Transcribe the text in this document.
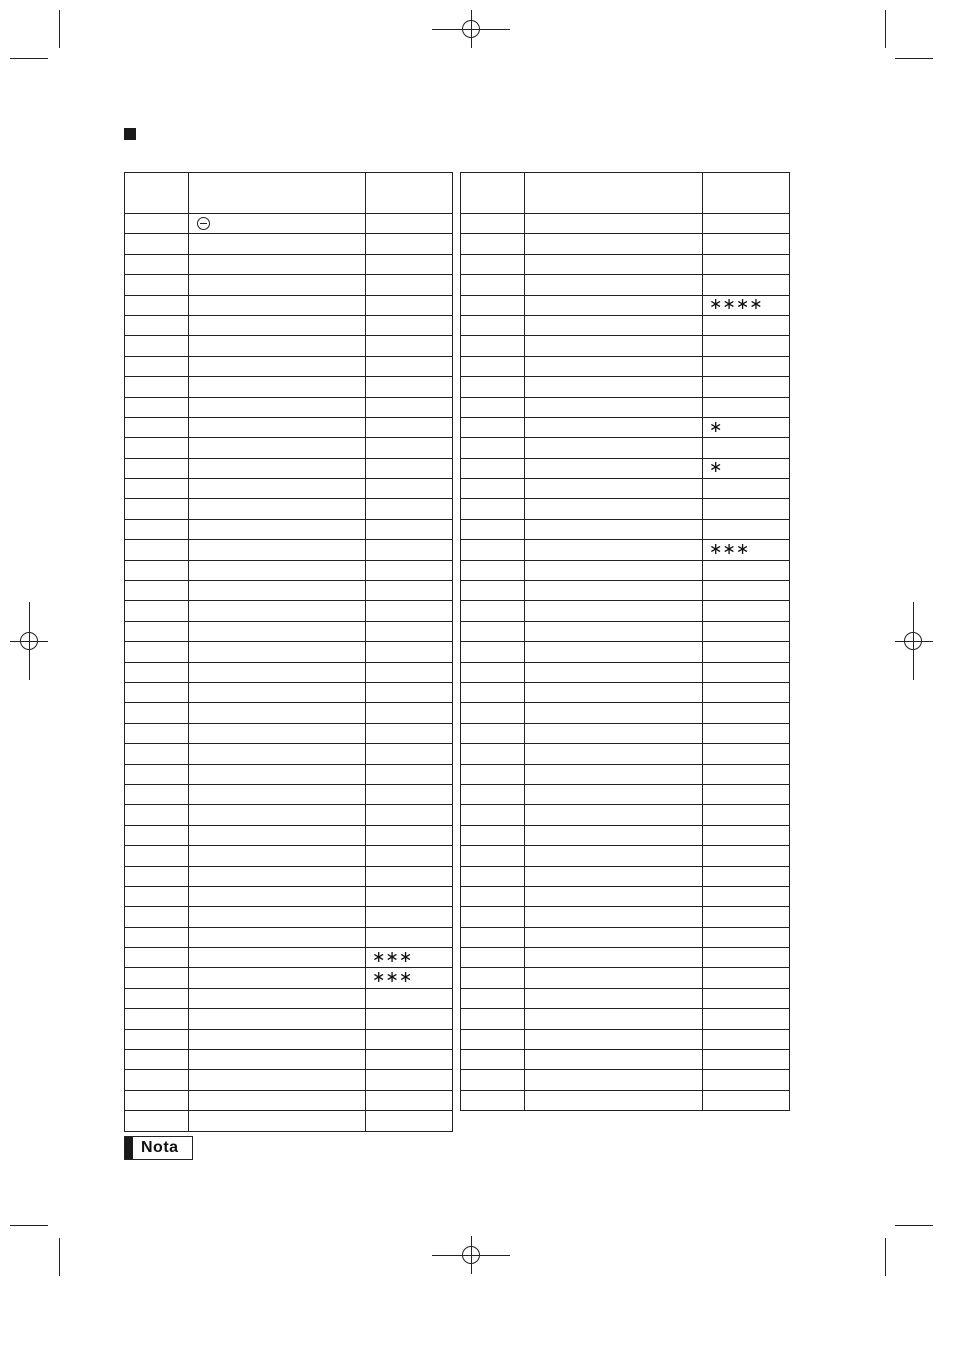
		∗∗∗
		∗∗∗

		∗∗∗∗

		∗

		∗

		∗∗∗

Nota
